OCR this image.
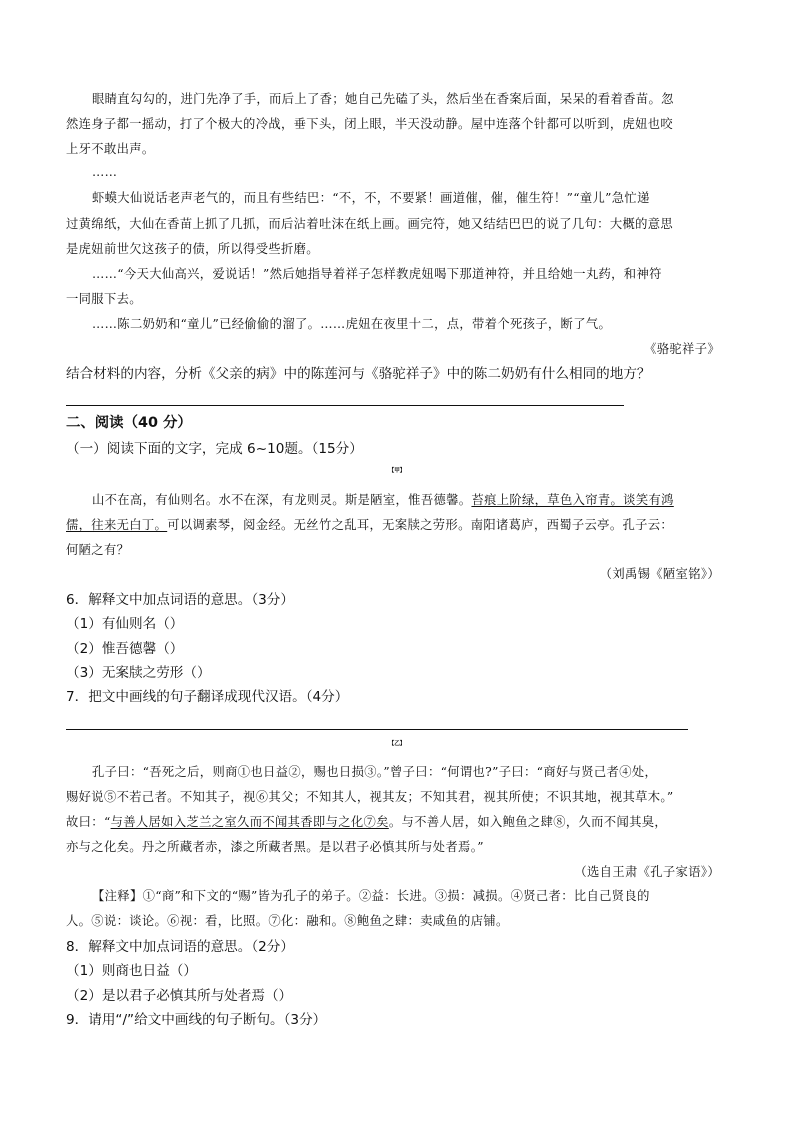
眼睛直勾勾的，进门先净了手，而后上了香；她自己先磕了头，然后坐在香案后面，呆呆的看着香苗。忽
然连身子都一摇动，打了个极大的冷战，垂下头，闭上眼，半天没动静。屋中连落个针都可以听到，虎妞也咬
上牙不敢出声。
……
虾蟆大仙说话老声老气的，而且有些结巴：“不，不，不要紧！画道催，催，催生符！”“童儿”急忙递
过黄绵纸，大仙在香苗上抓了几抓，而后沾着吐沫在纸上画。画完符，她又结结巴巴的说了几句：大概的意思
是虎妞前世欠这孩子的债，所以得受些折磨。
……“今天大仙高兴，爱说话！”然后她指导着祥子怎样教虎妞喝下那道神符，并且给她一丸药，和神符
一同服下去。
……陈二奶奶和“童儿”已经偷偷的溜了。……虎妞在夜里十二，点，带着个死孩子，断了气。
《骆驼祥子》
结合材料的内容，分析《父亲的病》中的陈莲河与《骆驼祥子》中的陈二奶奶有什么相同的地方？
二、阅读（40 分）
（一）阅读下面的文字，完成 6~10题。（15分）
【甲】
山不在高，有仙则名。水不在深，有龙则灵。斯是陋室，惟吾德馨。苔痕上阶绿，草色入帘青。谈笑有鸿
儒，往来无白丁。可以调素琴，阅金经。无丝竹之乱耳，无案牍之劳形。南阳诸葛庐，西蜀子云亭。孔子云：
何陋之有？
（刘禹锡《陋室铭》）
6．解释文中加点词语的意思。（3分）
（1）有仙则名（）
（2）惟吾德馨（）
（3）无案牍之劳形（）
7．把文中画线的句子翻译成现代汉语。（4分）
【乙】
孔子曰：“吾死之后，则商①也日益②，赐也日损③。”曾子曰：“何谓也?”子曰：“商好与贤己者④处，
赐好说⑤不若己者。不知其子，视⑥其父；不知其人，视其友；不知其君，视其所使；不识其地，视其草木。”
故曰：“与善人居如入芝兰之室久而不闻其香即与之化⑦矣。与不善人居，如入鲍鱼之肆⑧，久而不闻其臭，
亦与之化矣。丹之所藏者赤，漆之所藏者黑。是以君子必慎其所与处者焉。”
（选自王肃《孔子家语》）
【注释】①“商”和下文的“赐”皆为孔子的弟子。②益：长进。③损：减损。④贤己者：比自己贤良的
人。⑤说：谈论。⑥视：看，比照。⑦化：融和。⑧鲍鱼之肆：卖咸鱼的店铺。
8．解释文中加点词语的意思。（2分）
（1）则商也日益（）
（2）是以君子必慎其所与处者焉（）
9．请用“/”给文中画线的句子断句。（3分）
